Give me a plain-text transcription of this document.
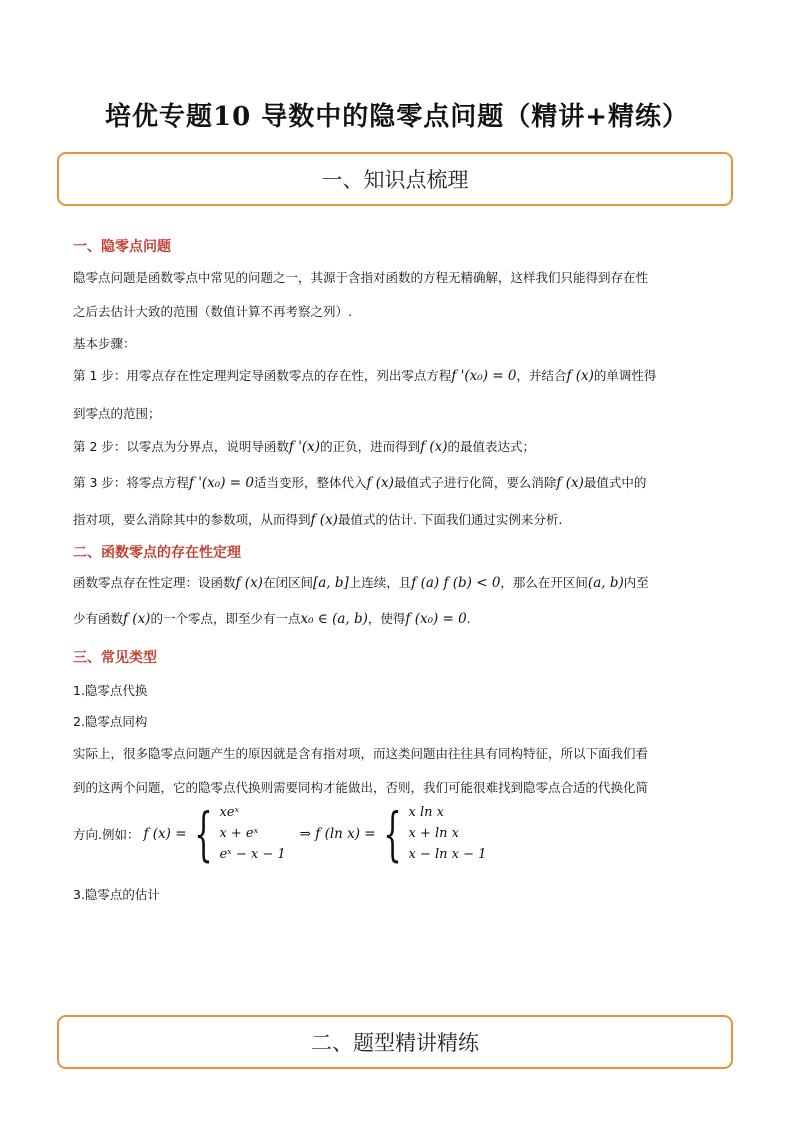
培优专题10 导数中的隐零点问题（精讲+精练）
一、知识点梳理
一、隐零点问题
隐零点问题是函数零点中常见的问题之一，其源于含指对函数的方程无精确解，这样我们只能得到存在性
之后去估计大致的范围（数值计算不再考察之列）.
基本步骤：
第 1 步：用零点存在性定理判定导函数零点的存在性，列出零点方程f '(x₀) = 0，并结合f (x)的单调性得
到零点的范围；
第 2 步：以零点为分界点，说明导函数f '(x)的正负，进而得到f (x)的最值表达式；
第 3 步：将零点方程f '(x₀) = 0适当变形，整体代入f (x)最值式子进行化简，要么消除f (x)最值式中的
指对项，要么消除其中的参数项，从而得到f (x)最值式的估计. 下面我们通过实例来分析.
二、函数零点的存在性定理
函数零点存在性定理：设函数f (x)在闭区间[a, b]上连续，且f (a) f (b) < 0，那么在开区间(a, b)内至
少有函数f (x)的一个零点，即至少有一点x₀ ∈ (a, b)，使得f (x₀) = 0.
三、常见类型
1.隐零点代换
2.隐零点同构
实际上，很多隐零点问题产生的原因就是含有指对项，而这类问题由往往具有同构特征，所以下面我们看
到的这两个问题，它的隐零点代换则需要同构才能做出，否则，我们可能很难找到隐零点合适的代换化简
方向.例如： f (x) = { xeˣ
x + eˣ
eˣ − x − 1
⇒ f (ln x) = { x ln x
x + ln x
x − ln x − 1
3.隐零点的估计
二、题型精讲精练
